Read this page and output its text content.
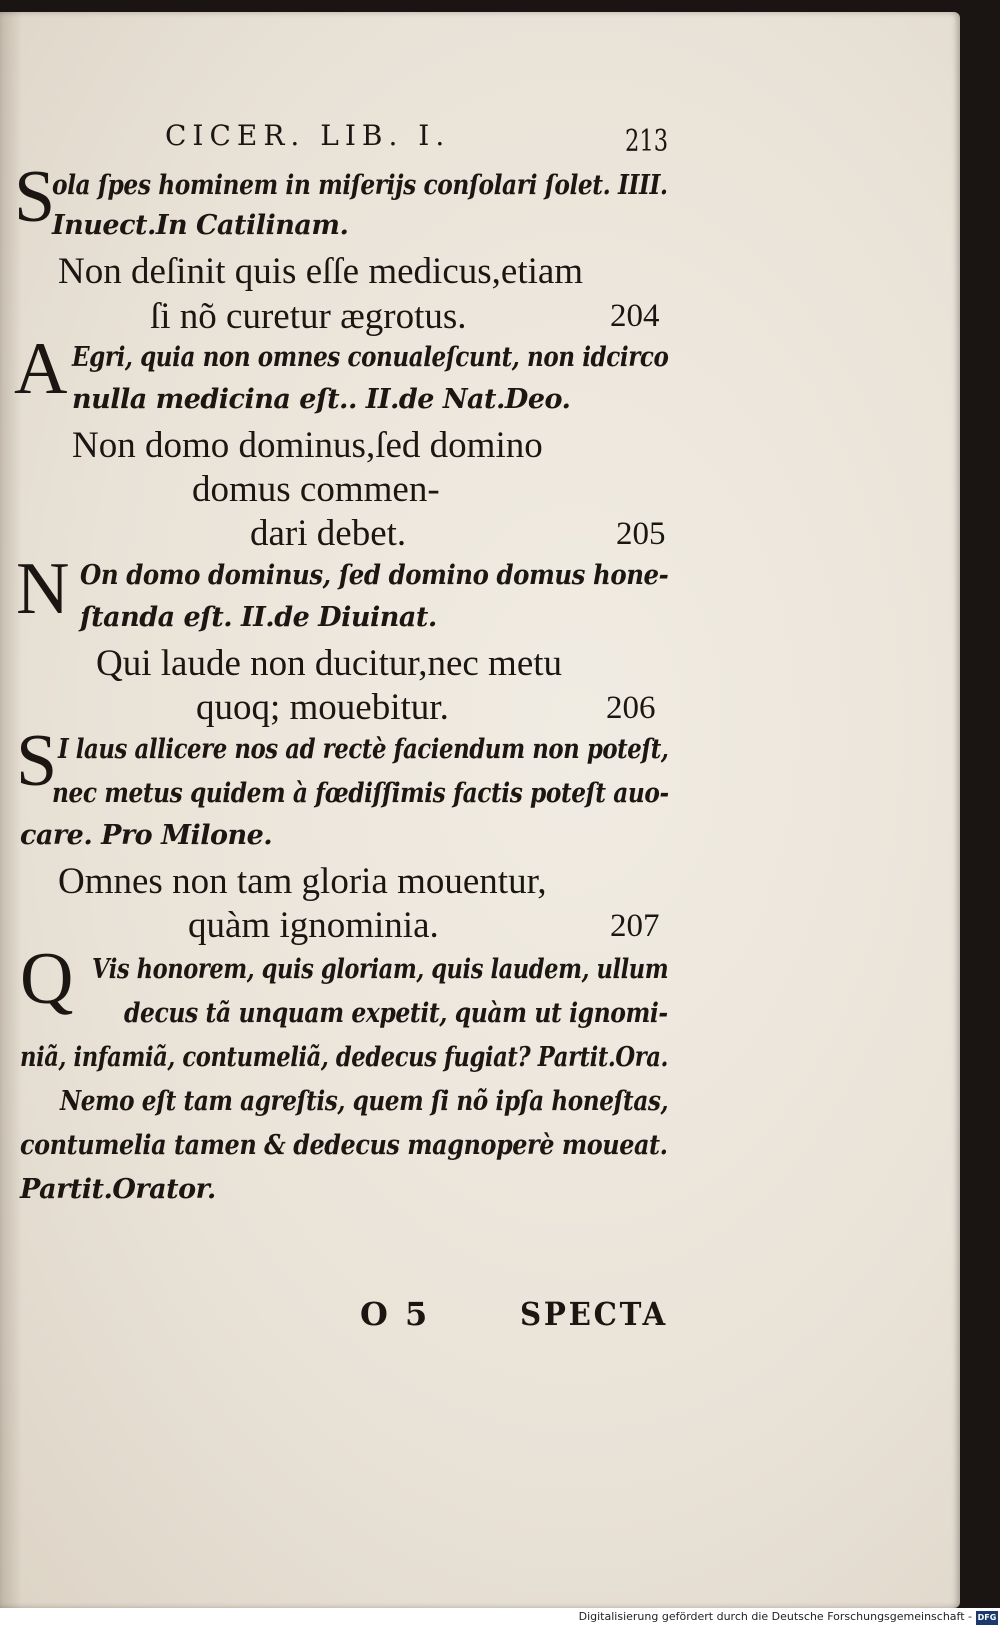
CICER. LIB. I.	213
S
ola ſpes hominem in miſerijs conſolari ſolet. IIII.
Inuect.In Catilinam.
Non deſinit quis eſſe medicus,etiam
ſi nõ curetur ægrotus.	204
A Egri, quia non omnes conualeſcunt, non idcirco
nulla medicina eſt.. II.de Nat.Deo.
Non domo dominus,ſed domino
domus commen-
dari debet.	205
N On domo dominus, ſed domino domus hone-
ſtanda eſt. II.de Diuinat.
Qui laude non ducitur,nec metu
quoq; mouebitur.	206
S I laus allicere nos ad rectè faciendum non poteſt,
nec metus quidem à fœdiſſimis factis poteſt auo-
care. Pro Milone.
Omnes non tam gloria mouentur,
quàm ignominia.	207
Q Vis honorem, quis gloriam, quis laudem, ullum
decus tã unquam expetit, quàm ut ignomi-
niã, infamiã, contumeliã, dedecus fugiat? Partit.Ora.
Nemo eſt tam agreſtis, quem ſi nõ ipſa honeſtas,
contumelia tamen & dedecus magnoperè moueat.
Partit.Orator.
O 5	SPECTA
Digitalisierung gefördert durch die Deutsche Forschungsgemeinschaft - DFG
